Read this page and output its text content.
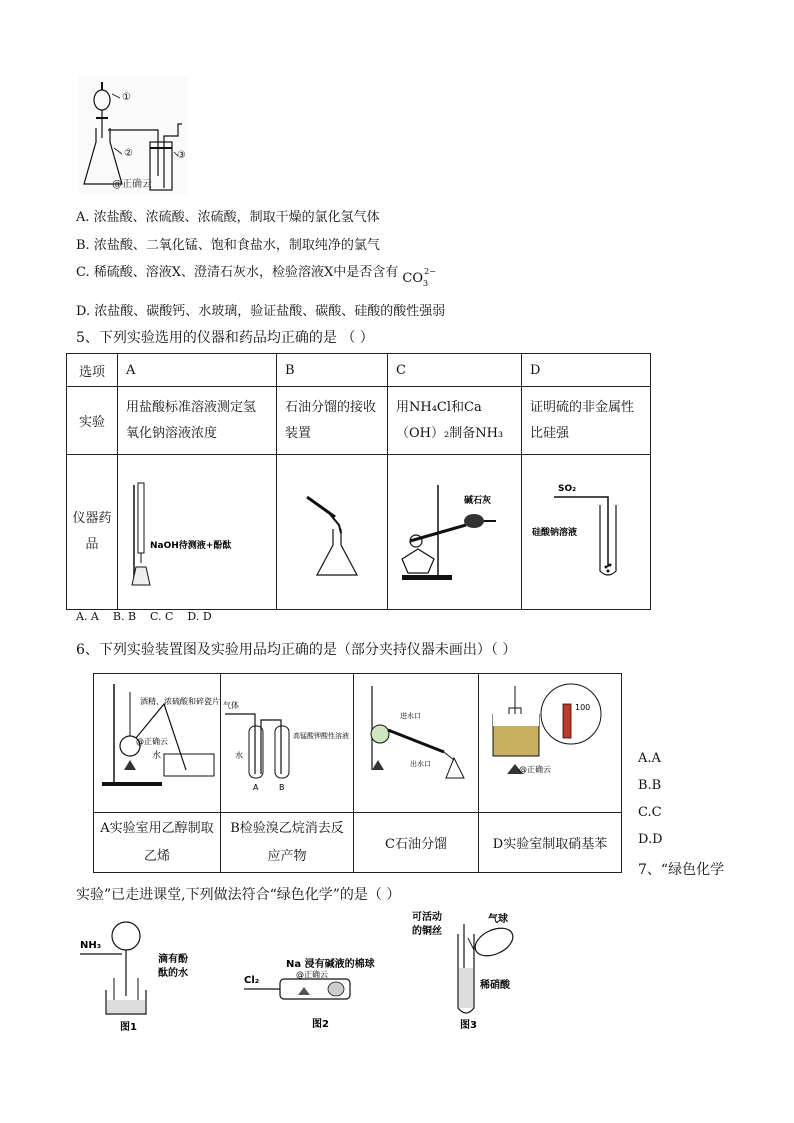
①
②	③
@正确云
A. 浓盐酸、浓硫酸、浓硫酸，制取干燥的氯化氢气体
B. 浓盐酸、二氧化锰、饱和食盐水，制取纯净的氯气
C. 稀硫酸、溶液X、澄清石灰水，检验溶液X中是否含有 $CO_3^{2-}$
D. 浓盐酸、碳酸钙、水玻璃，验证盐酸、碳酸、硅酸的酸性强弱
5、下列实验选用的仪器和药品均正确的是 （ ）
选项	A	B	C	D
实验	用盐酸标准溶液测定氢氧化钠溶液浓度	石油分馏的接收装置	用NH₄Cl和Ca（OH）₂制备NH₃	证明硫的非金属性比硅强
仪器药品	NaOH待测液+酚酞		碱石灰	SO₂
硅酸钠溶液
A. A    B. B    C. C    D. D
6、下列实验装置图及实验用品均正确的是（部分夹持仪器未画出）（ ）
酒精、浓硫酸和碎瓷片
@正确云
水	气体
水
高锰酸钾酸性溶液
A B	进水口
出水口	100
@正确云

A实验室用乙醇制取乙烯	B检验溴乙烷消去反应产物	C石油分馏	D实验室制取硝基苯
A.A
B.B
C.C
D.D
7、“绿色化学
实验”已走进课堂,下列做法符合“绿色化学”的是（ ）
NH₃
滴有酚酞的水
图1
Cl₂
Na 浸有碱液的棉球
@正确云
图2
可活动的铜丝
气球
稀硝酸
图3
